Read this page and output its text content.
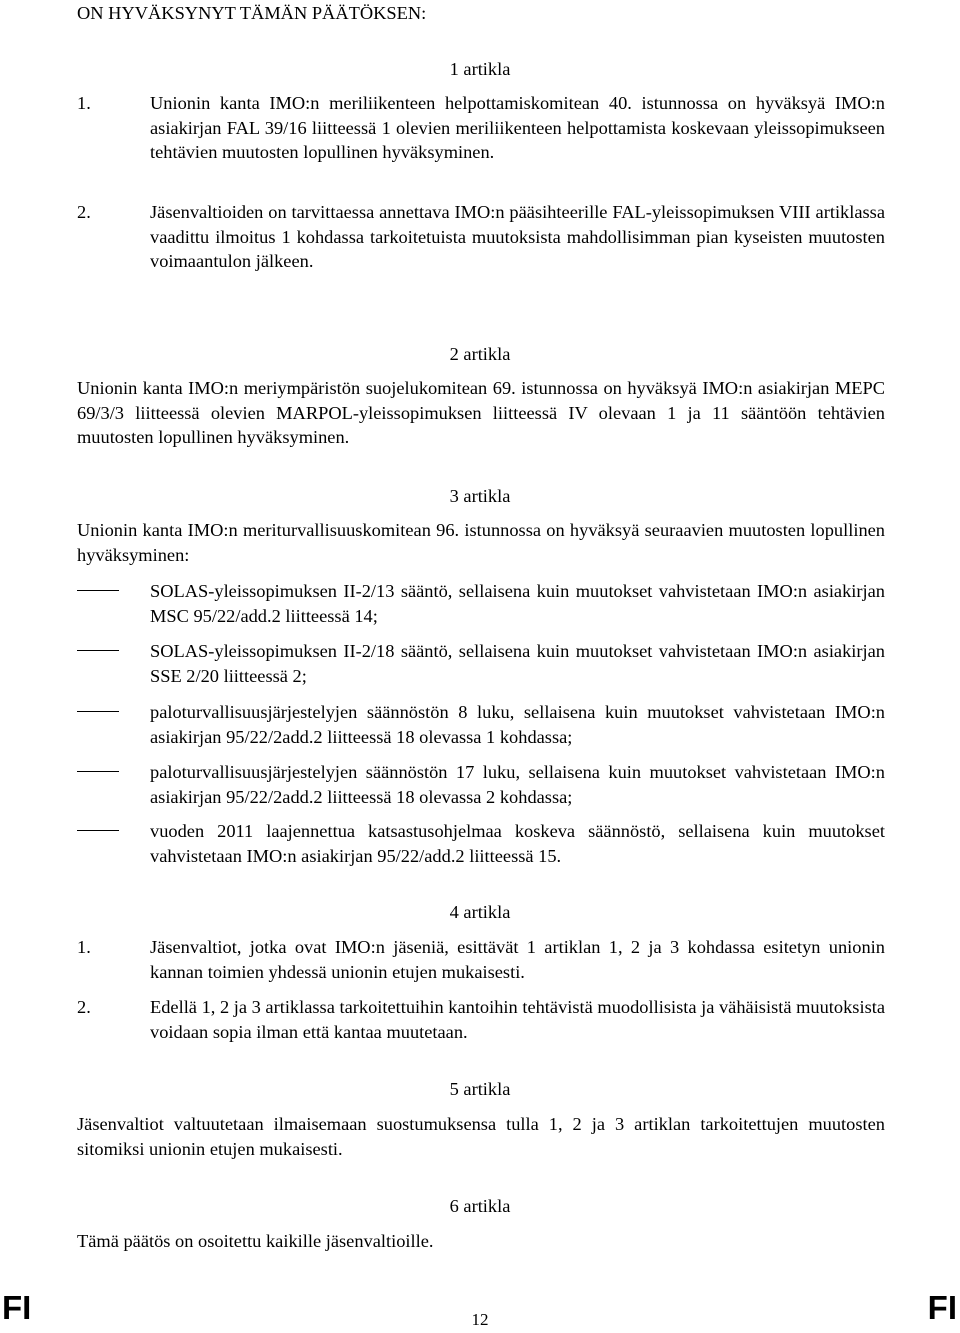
ON HYVÄKSYNYT TÄMÄN PÄÄTÖKSEN:
1 artikla
1.	Unionin kanta IMO:n meriliikenteen helpottamiskomitean 40. istunnossa on hyväksyä IMO:n asiakirjan FAL 39/16 liitteessä 1 olevien meriliikenteen helpottamista koskevaan yleissopimukseen tehtävien muutosten lopullinen hyväksyminen.
2.	Jäsenvaltioiden on tarvittaessa annettava IMO:n pääsihteerille FAL-yleissopimuksen VIII artiklassa vaadittu ilmoitus 1 kohdassa tarkoitetuista muutoksista mahdollisimman pian kyseisten muutosten voimaantulon jälkeen.
2 artikla
Unionin kanta IMO:n meriympäristön suojelukomitean 69. istunnossa on hyväksyä IMO:n asiakirjan MEPC 69/3/3 liitteessä olevien MARPOL-yleissopimuksen liitteessä IV olevaan 1 ja 11 sääntöön tehtävien muutosten lopullinen hyväksyminen.
3 artikla
Unionin kanta IMO:n meriturvallisuuskomitean 96. istunnossa on hyväksyä seuraavien muutosten lopullinen hyväksyminen:
SOLAS-yleissopimuksen II-2/13 sääntö, sellaisena kuin muutokset vahvistetaan IMO:n asiakirjan MSC 95/22/add.2 liitteessä 14;
SOLAS-yleissopimuksen II-2/18 sääntö, sellaisena kuin muutokset vahvistetaan IMO:n asiakirjan SSE 2/20 liitteessä 2;
paloturvallisuusjärjestelyjen säännöstön 8 luku, sellaisena kuin muutokset vahvistetaan IMO:n asiakirjan 95/22/2add.2 liitteessä 18 olevassa 1 kohdassa;
paloturvallisuusjärjestelyjen säännöstön 17 luku, sellaisena kuin muutokset vahvistetaan IMO:n asiakirjan 95/22/2add.2 liitteessä 18 olevassa 2 kohdassa;
vuoden 2011 laajennettua katsastusohjelmaa koskeva säännöstö, sellaisena kuin muutokset vahvistetaan IMO:n asiakirjan 95/22/add.2 liitteessä 15.
4 artikla
1.	Jäsenvaltiot, jotka ovat IMO:n jäseniä, esittävät 1 artiklan 1, 2 ja 3 kohdassa esitetyn unionin kannan toimien yhdessä unionin etujen mukaisesti.
2.	Edellä 1, 2 ja 3 artiklassa tarkoitettuihin kantoihin tehtävistä muodollisista ja vähäisistä muutoksista voidaan sopia ilman että kantaa muutetaan.
5 artikla
Jäsenvaltiot valtuutetaan ilmaisemaan suostumuksensa tulla 1, 2 ja 3 artiklan tarkoitettujen muutosten sitomiksi unionin etujen mukaisesti.
6 artikla
Tämä päätös on osoitettu kaikille jäsenvaltioille.
FI	12	FI
